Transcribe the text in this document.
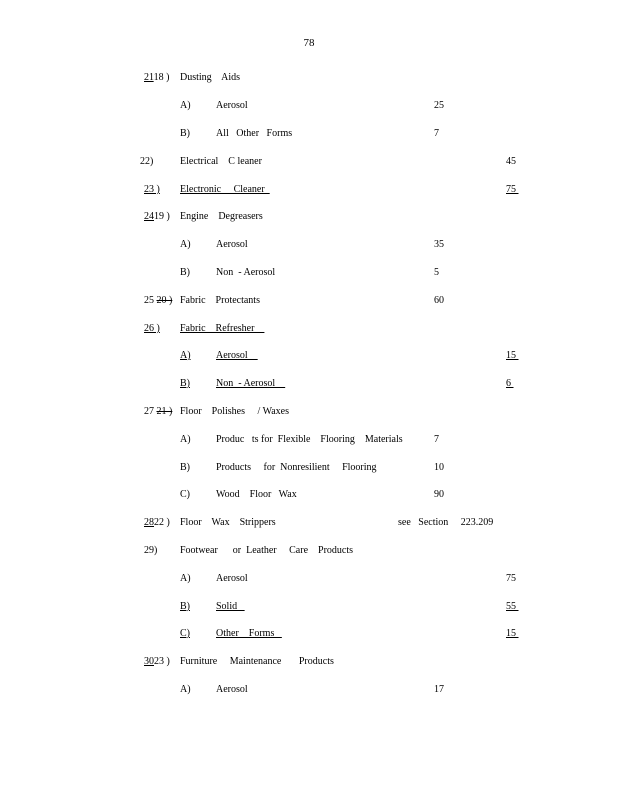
78
2118 ) Dusting    Aids
A)	Aerosol	25
B)	All   Other   Forms	7
22)	Electrical    C leaner	45
23 ) Electronic     Cleaner	75
2419 ) Engine    Degreasers
A)	Aerosol	35
B)	Non  - Aerosol	5
25 20 ) Fabric    Protectants	60
26 ) Fabric    Refresher
A)	Aerosol	15
B)	Non  - Aerosol	6
27 21 ) Floor    Polishes     / Waxes
A)	Produc   ts for  Flexible    Flooring    Materials	7
B)	Products     for  Nonresilient     Flooring	10
C)	Wood    Floor   Wax	90
2822 ) Floor    Wax    Strippers	see   Section     223.209
29) Footwear      or  Leather     Care    Products
A)	Aerosol	75
B)	Solid	55
C)	Other    Forms	15
3023 ) Furniture     Maintenance       Products
A)	Aerosol	17
